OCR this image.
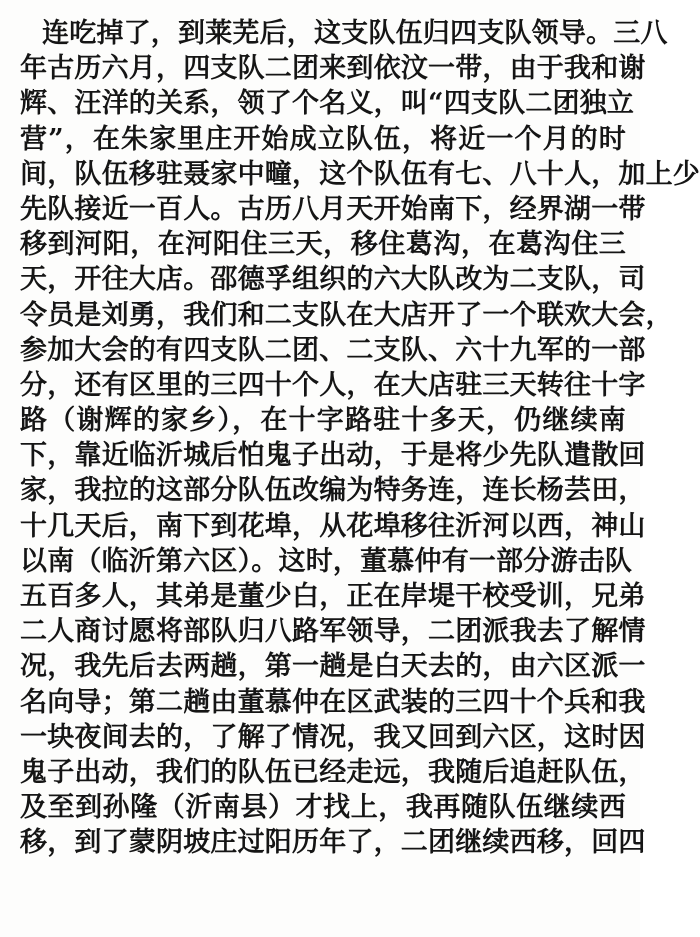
连吃掉了，到莱芜后，这支队伍归四支队领导。三八
年古历六月，四支队二团来到依汶一带，由于我和谢
辉、汪洋的关系，领了个名义，叫“四支队二团独立
营”，在朱家里庄开始成立队伍，将近一个月的时
间，队伍移驻聂家中疃，这个队伍有七、八十人，加上少
先队接近一百人。古历八月天开始南下，经界湖一带
移到河阳，在河阳住三天，移住葛沟，在葛沟住三
天，开往大店。邵德孚组织的六大队改为二支队，司
令员是刘勇，我们和二支队在大店开了一个联欢大会，
参加大会的有四支队二团、二支队、六十九军的一部
分，还有区里的三四十个人，在大店驻三天转往十字
路（谢辉的家乡），在十字路驻十多天，仍继续南
下，靠近临沂城后怕鬼子出动，于是将少先队遣散回
家，我拉的这部分队伍改编为特务连，连长杨芸田，
十几天后，南下到花埠，从花埠移往沂河以西，神山
以南（临沂第六区）。这时，董慕仲有一部分游击队
五百多人，其弟是董少白，正在岸堤干校受训，兄弟
二人商讨愿将部队归八路军领导，二团派我去了解情
况，我先后去两趟，第一趟是白天去的，由六区派一
名向导；第二趟由董慕仲在区武装的三四十个兵和我
一块夜间去的，了解了情况，我又回到六区，这时因
鬼子出动，我们的队伍已经走远，我随后追赶队伍，
及至到孙隆（沂南县）才找上，我再随队伍继续西
移，到了蒙阴坡庄过阳历年了，二团继续西移，回四
